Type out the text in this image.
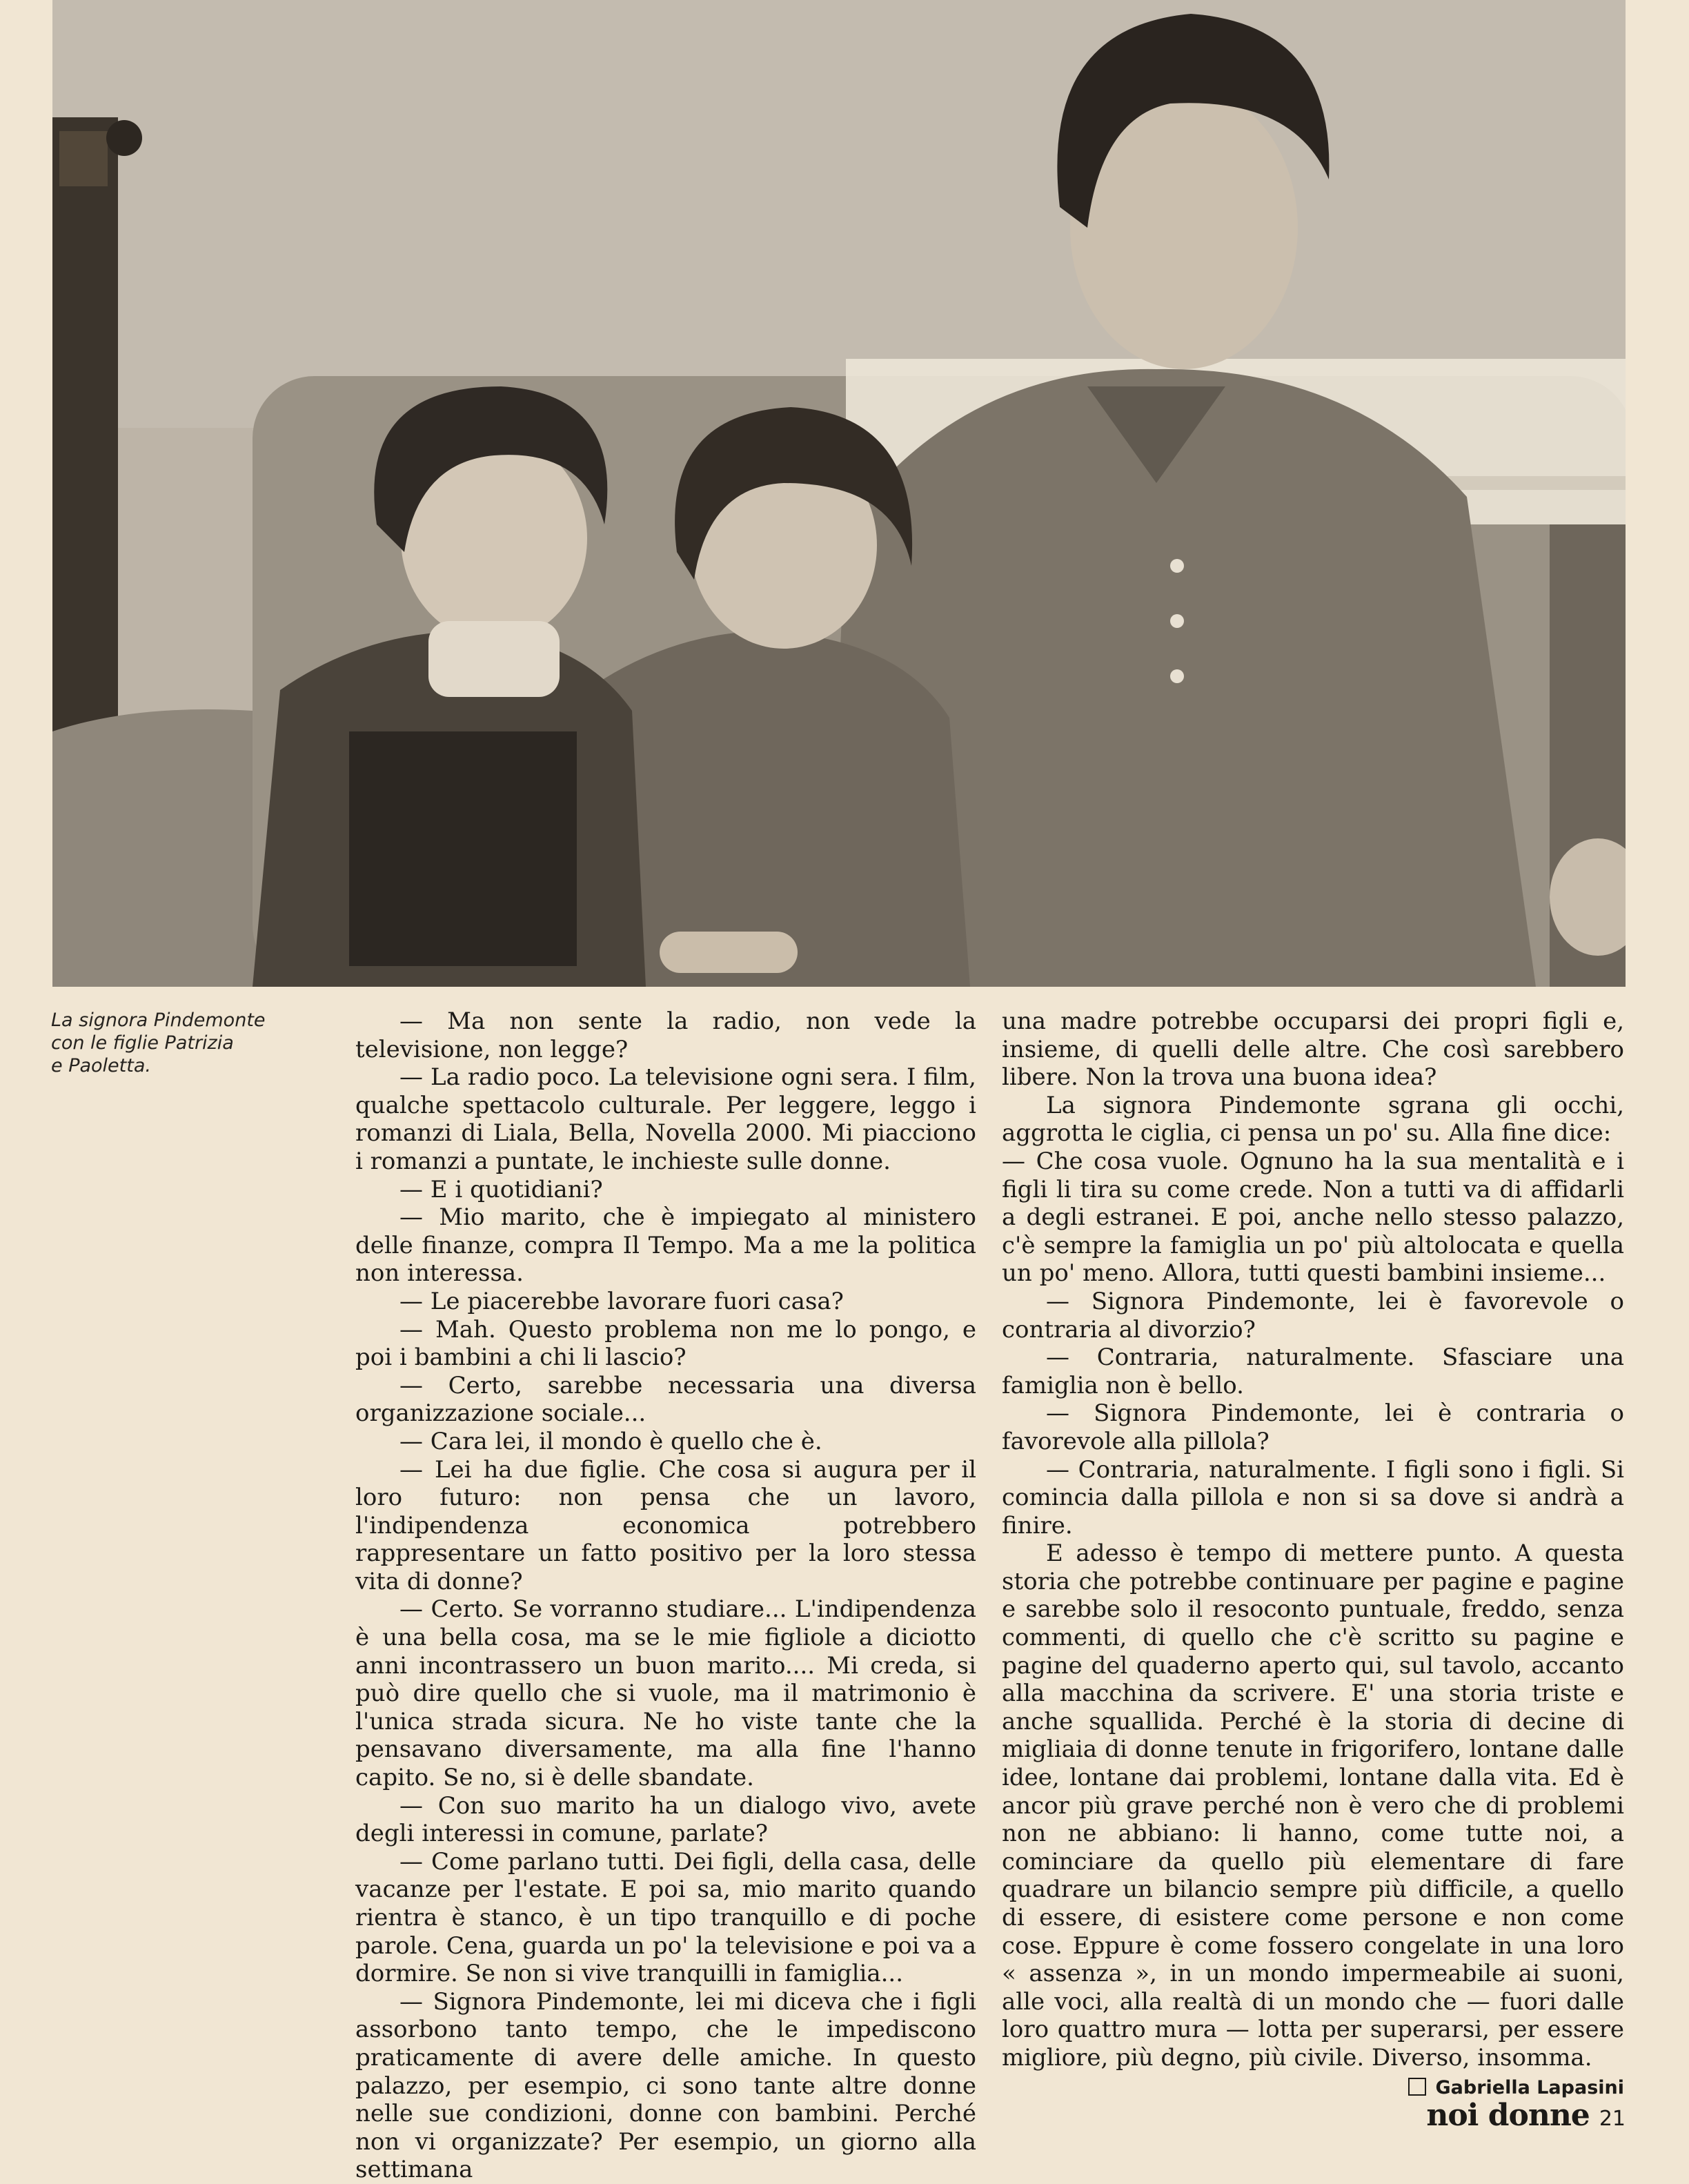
La signora Pindemonte

con le figlie Patrizia

e Paoletta.

— Ma non sente la radio, non vede la televisione, non legge?

— La radio poco. La televisione ogni sera. I film, qualche spettacolo culturale. Per leggere, leggo i romanzi di Liala, Bella, Novella 2000. Mi piacciono i romanzi a puntate, le inchieste sulle donne.

— E i quotidiani?

— Mio marito, che è impiegato al ministero delle finanze, compra Il Tempo. Ma a me la politica non interessa.

— Le piacerebbe lavorare fuori casa?

— Mah. Questo problema non me lo pongo, e poi i bambini a chi li lascio?

— Certo, sarebbe necessaria una diversa organizzazione sociale...

— Cara lei, il mondo è quello che è.

— Lei ha due figlie. Che cosa si augura per il loro futuro: non pensa che un lavoro, l'indipendenza economica potrebbero rappresentare un fatto positivo per la loro stessa vita di donne?

— Certo. Se vorranno studiare... L'indipendenza è una bella cosa, ma se le mie figliole a diciotto anni incontrassero un buon marito.... Mi creda, si può dire quello che si vuole, ma il matrimonio è l'unica strada sicura. Ne ho viste tante che la pensavano diversamente, ma alla fine l'hanno capito. Se no, si è delle sbandate.

— Con suo marito ha un dialogo vivo, avete degli interessi in comune, parlate?

— Come parlano tutti. Dei figli, della casa, delle vacanze per l'estate. E poi sa, mio marito quando rientra è stanco, è un tipo tranquillo e di poche parole. Cena, guarda un po' la televisione e poi va a dormire. Se non si vive tranquilli in famiglia...

— Signora Pindemonte, lei mi diceva che i figli assorbono tanto tempo, che le impediscono praticamente di avere delle amiche. In questo palazzo, per esempio, ci sono tante altre donne nelle sue condizioni, donne con bambini. Perché non vi organizzate? Per esempio, un giorno alla settimana

una madre potrebbe occuparsi dei propri figli e, insieme, di quelli delle altre. Che così sarebbero libere. Non la trova una buona idea?

La signora Pindemonte sgrana gli occhi, aggrotta le ciglia, ci pensa un po' su. Alla fine dice:

— Che cosa vuole. Ognuno ha la sua mentalità e i figli li tira su come crede. Non a tutti va di affidarli a degli estranei. E poi, anche nello stesso palazzo, c'è sempre la famiglia un po' più altolocata e quella un po' meno. Allora, tutti questi bambini insieme...

— Signora Pindemonte, lei è favorevole o contraria al divorzio?

— Contraria, naturalmente. Sfasciare una famiglia non è bello.

— Signora Pindemonte, lei è contraria o favorevole alla pillola?

— Contraria, naturalmente. I figli sono i figli. Si comincia dalla pillola e non si sa dove si andrà a finire.

E adesso è tempo di mettere punto. A questa storia che potrebbe continuare per pagine e pagine e sarebbe solo il resoconto puntuale, freddo, senza commenti, di quello che c'è scritto su pagine e pagine del quaderno aperto qui, sul tavolo, accanto alla macchina da scrivere. E' una storia triste e anche squallida. Perché è la storia di decine di migliaia di donne tenute in frigorifero, lontane dalle idee, lontane dai problemi, lontane dalla vita. Ed è ancor più grave perché non è vero che di problemi non ne abbiano: li hanno, come tutte noi, a cominciare da quello più elementare di fare quadrare un bilancio sempre più difficile, a quello di essere, di esistere come persone e non come cose. Eppure è come fossero congelate in una loro « assenza », in un mondo impermeabile ai suoni, alle voci, alla realtà di un mondo che — fuori dalle loro quattro mura — lotta per superarsi, per essere migliore, più degno, più civile. Diverso, insomma.

Gabriella Lapasini

noi donne 21
